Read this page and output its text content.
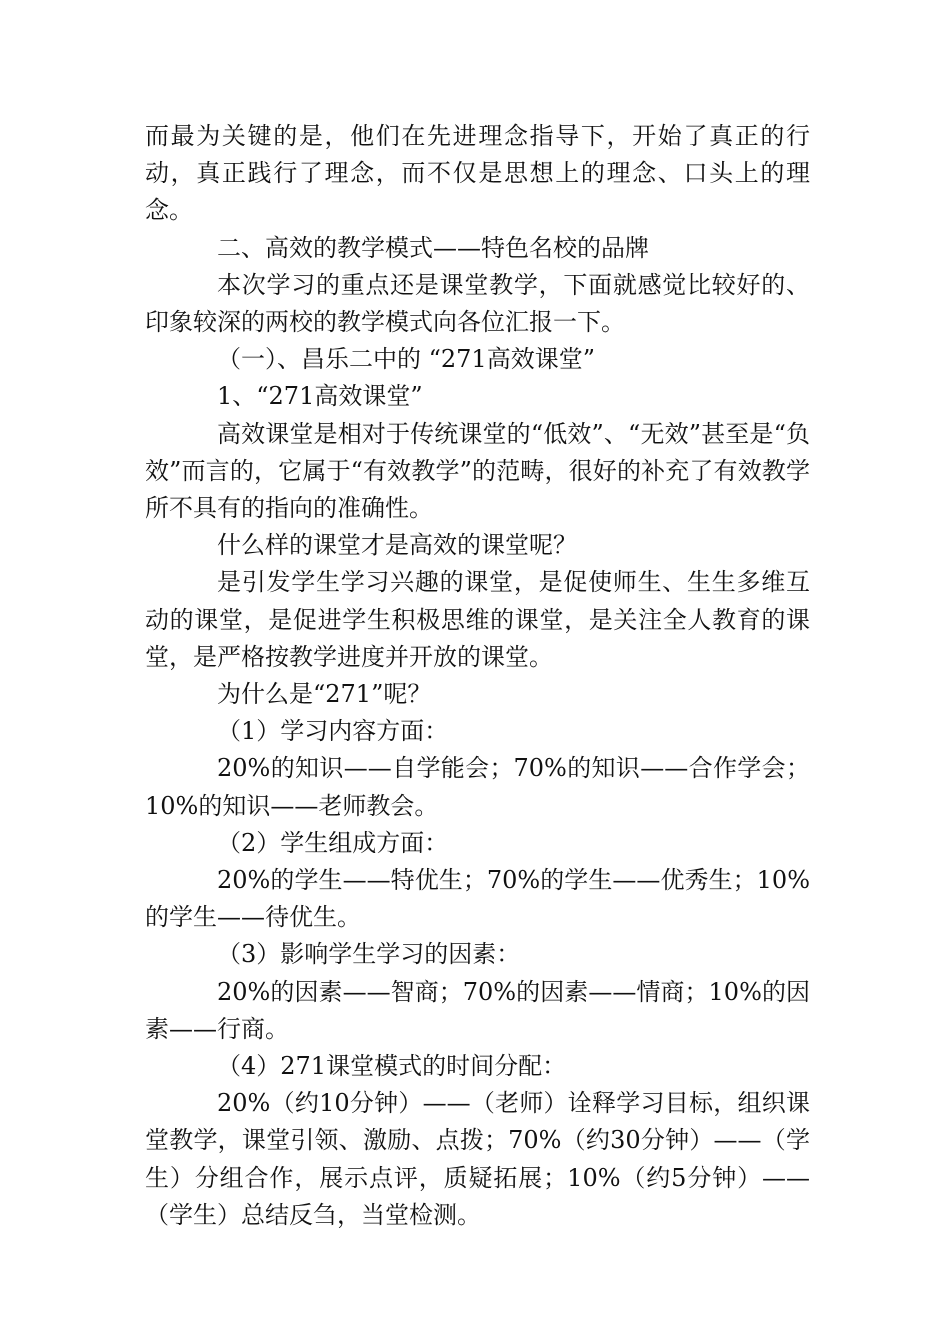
而最为关键的是，他们在先进理念指导下，开始了真正的行动，真正践行了理念，而不仅是思想上的理念、口头上的理念。

二、高效的教学模式——特色名校的品牌

本次学习的重点还是课堂教学，下面就感觉比较好的、印象较深的两校的教学模式向各位汇报一下。

（一）、昌乐二中的 “271高效课堂”

1、“271高效课堂”

高效课堂是相对于传统课堂的“低效”、“无效”甚至是“负效”而言的，它属于“有效教学”的范畴，很好的补充了有效教学所不具有的指向的准确性。

什么样的课堂才是高效的课堂呢？

是引发学生学习兴趣的课堂，是促使师生、生生多维互动的课堂，是促进学生积极思维的课堂，是关注全人教育的课堂，是严格按教学进度并开放的课堂。

为什么是“271”呢？

（1）学习内容方面：

20%的知识——自学能会；70%的知识——合作学会；10%的知识——老师教会。

（2）学生组成方面：

20%的学生——特优生；70%的学生——优秀生；10%的学生——待优生。

（3）影响学生学习的因素：

20%的因素——智商；70%的因素——情商；10%的因素——行商。

（4）271课堂模式的时间分配：

20%（约10分钟）——（老师）诠释学习目标，组织课堂教学，课堂引领、激励、点拨；70%（约30分钟）——（学生）分组合作，展示点评，质疑拓展；10%（约5分钟）——（学生）总结反刍，当堂检测。
